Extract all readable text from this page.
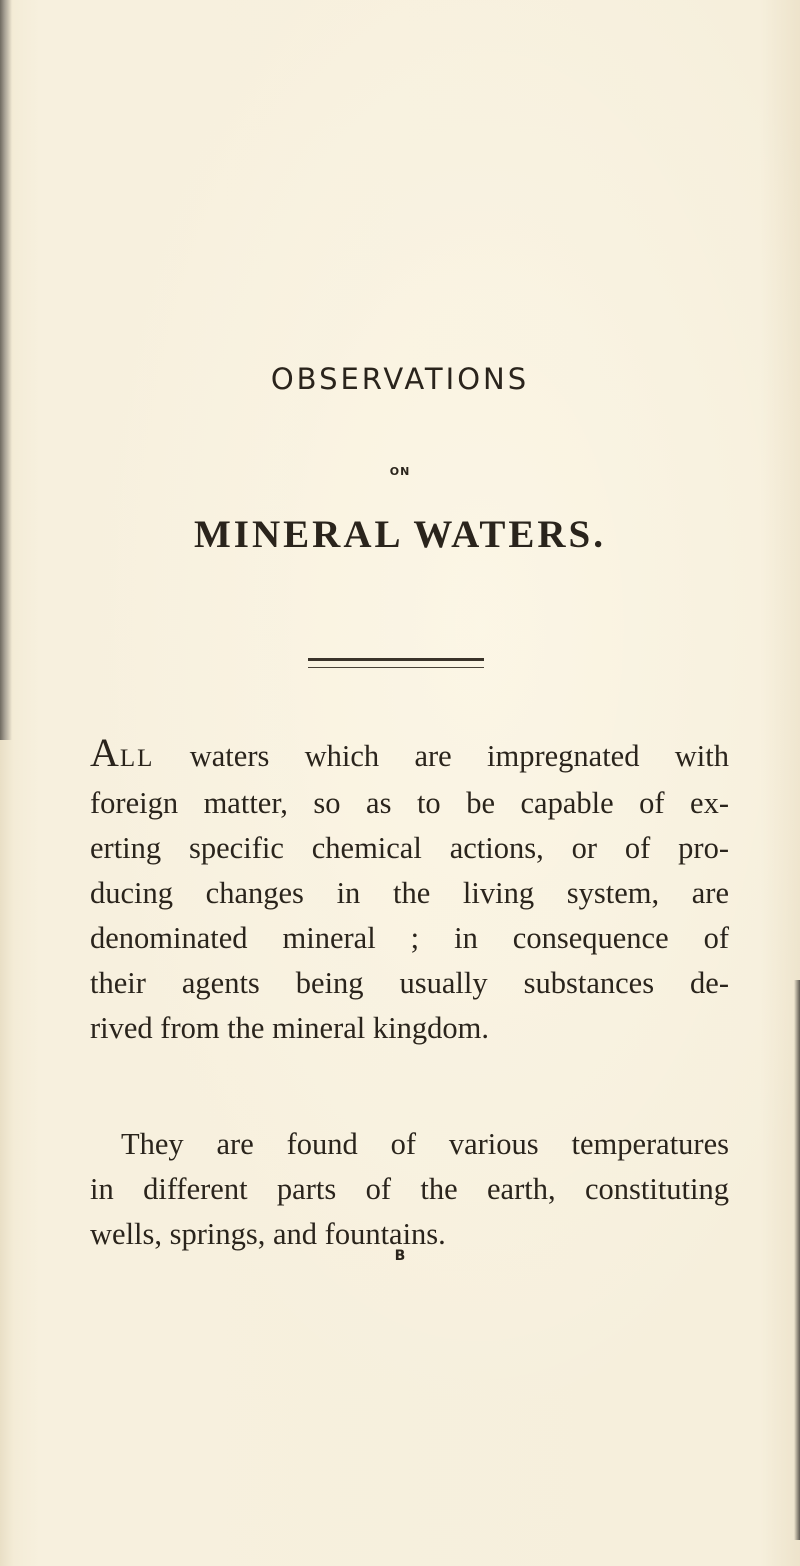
OBSERVATIONS
ON
MINERAL WATERS.

ALL waters which are impregnated with
foreign matter, so as to be capable of ex-
erting specific chemical actions, or of pro-
ducing changes in the living system, are
denominated mineral ; in consequence of
their agents being usually substances de-
rived from the mineral kingdom.

They are found of various temperatures
in different parts of the earth, constituting
wells, springs, and fountains.

B
